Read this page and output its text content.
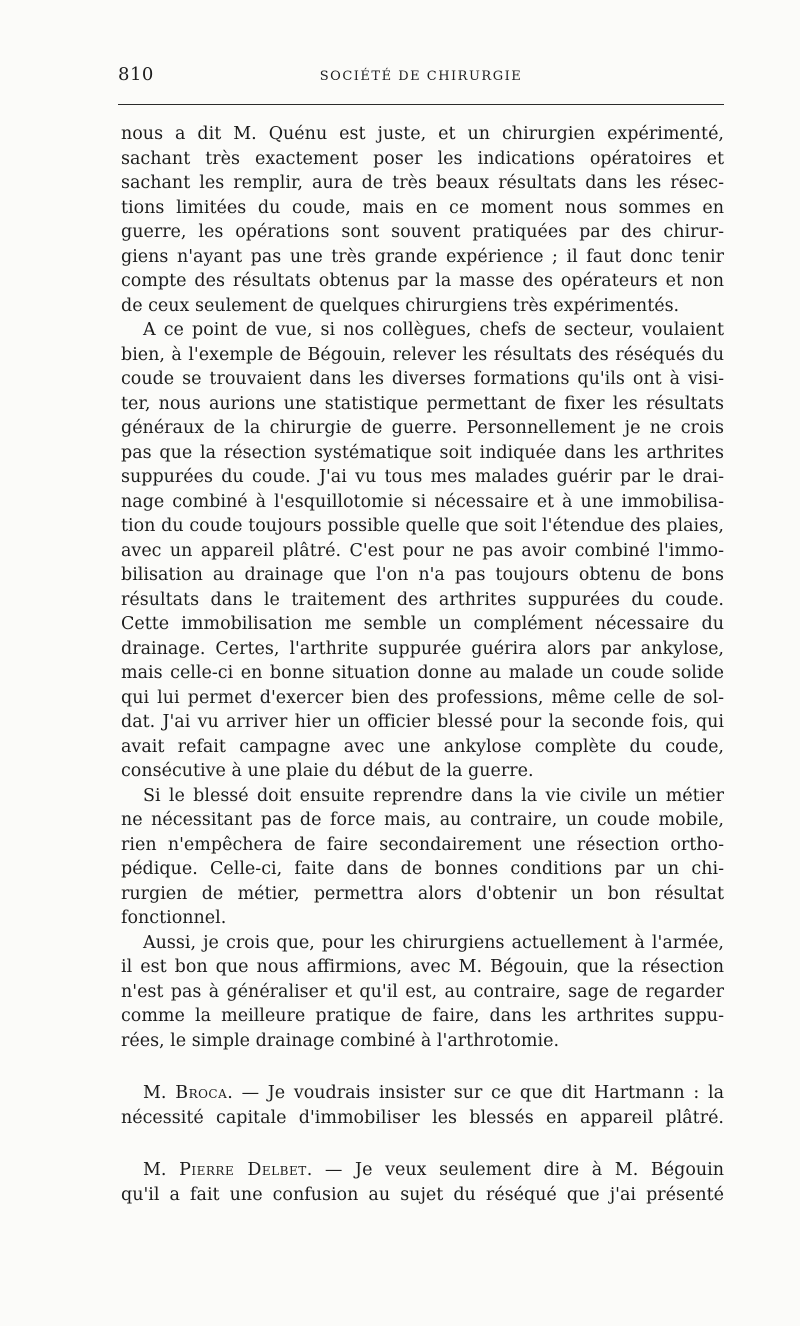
810	SOCIÉTÉ DE CHIRURGIE

nous a dit M. Quénu est juste, et un chirurgien expérimenté,
sachant très exactement poser les indications opératoires et
sachant les remplir, aura de très beaux résultats dans les résec-
tions limitées du coude, mais en ce moment nous sommes en
guerre, les opérations sont souvent pratiquées par des chirur-
giens n'ayant pas une très grande expérience ; il faut donc tenir
compte des résultats obtenus par la masse des opérateurs et non
de ceux seulement de quelques chirurgiens très expérimentés.

A ce point de vue, si nos collègues, chefs de secteur, voulaient
bien, à l'exemple de Bégouin, relever les résultats des réséqués du
coude se trouvaient dans les diverses formations qu'ils ont à visi-
ter, nous aurions une statistique permettant de fixer les résultats
généraux de la chirurgie de guerre. Personnellement je ne crois
pas que la résection systématique soit indiquée dans les arthrites
suppurées du coude. J'ai vu tous mes malades guérir par le drai-
nage combiné à l'esquillotomie si nécessaire et à une immobilisa-
tion du coude toujours possible quelle que soit l'étendue des plaies,
avec un appareil plâtré. C'est pour ne pas avoir combiné l'immo-
bilisation au drainage que l'on n'a pas toujours obtenu de bons
résultats dans le traitement des arthrites suppurées du coude.
Cette immobilisation me semble un complément nécessaire du
drainage. Certes, l'arthrite suppurée guérira alors par ankylose,
mais celle-ci en bonne situation donne au malade un coude solide
qui lui permet d'exercer bien des professions, même celle de sol-
dat. J'ai vu arriver hier un officier blessé pour la seconde fois, qui
avait refait campagne avec une ankylose complète du coude,
consécutive à une plaie du début de la guerre.

Si le blessé doit ensuite reprendre dans la vie civile un métier
ne nécessitant pas de force mais, au contraire, un coude mobile,
rien n'empêchera de faire secondairement une résection ortho-
pédique. Celle-ci, faite dans de bonnes conditions par un chi-
rurgien de métier, permettra alors d'obtenir un bon résultat
fonctionnel.

Aussi, je crois que, pour les chirurgiens actuellement à l'armée,
il est bon que nous affirmions, avec M. Bégouin, que la résection
n'est pas à généraliser et qu'il est, au contraire, sage de regarder
comme la meilleure pratique de faire, dans les arthrites suppu-
rées, le simple drainage combiné à l'arthrotomie.

M. Broca. — Je voudrais insister sur ce que dit Hartmann : la
nécessité capitale d'immobiliser les blessés en appareil plâtré.

M. Pierre Delbet. — Je veux seulement dire à M. Bégouin
qu'il a fait une confusion au sujet du réséqué que j'ai présenté
